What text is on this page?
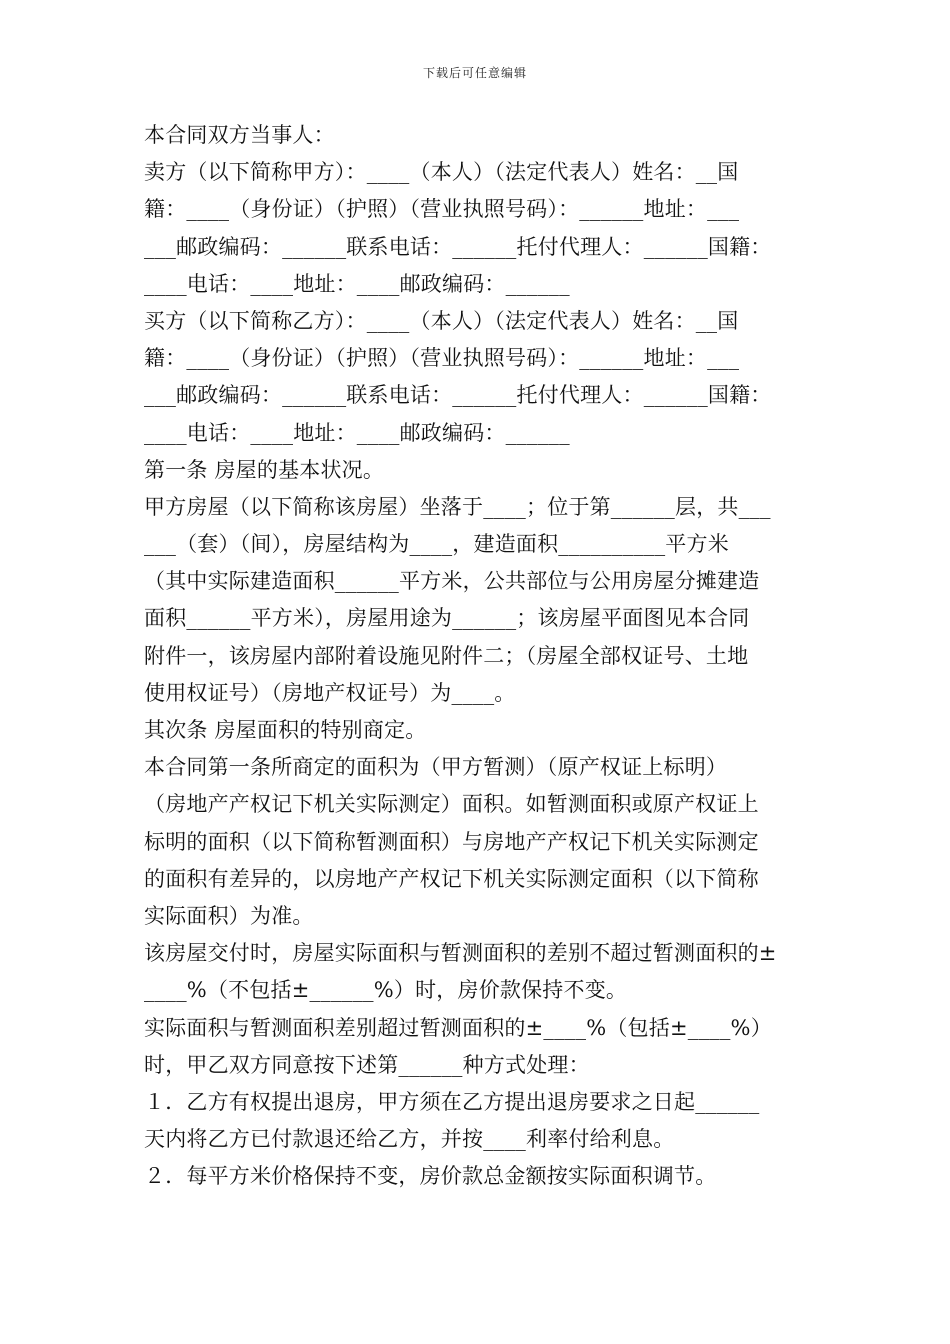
下载后可任意编辑
本合同双方当事人：
卖方（以下简称甲方）：____（本人）（法定代表人）姓名：__国
籍：____（身份证）（护照）（营业执照号码）：______地址：___
___邮政编码：______联系电话：______托付代理人：______国籍：
____电话：____地址：____邮政编码：______
买方（以下简称乙方）：____（本人）（法定代表人）姓名：__国
籍：____（身份证）（护照）（营业执照号码）：______地址：___
___邮政编码：______联系电话：______托付代理人：______国籍：
____电话：____地址：____邮政编码：______
第一条 房屋的基本状况。
甲方房屋（以下简称该房屋）坐落于____；位于第______层，共___
___（套）（间），房屋结构为____，建造面积__________平方米
（其中实际建造面积______平方米，公共部位与公用房屋分摊建造
面积______平方米），房屋用途为______；该房屋平面图见本合同
附件一，该房屋内部附着设施见附件二；（房屋全部权证号、土地
使用权证号）（房地产权证号）为____。
其次条 房屋面积的特别商定。
本合同第一条所商定的面积为（甲方暂测）（原产权证上标明）
（房地产产权记下机关实际测定）面积。如暂测面积或原产权证上
标明的面积（以下简称暂测面积）与房地产产权记下机关实际测定
的面积有差异的，以房地产产权记下机关实际测定面积（以下简称
实际面积）为准。
该房屋交付时，房屋实际面积与暂测面积的差别不超过暂测面积的±
____%（不包括±______%）时，房价款保持不变。
实际面积与暂测面积差别超过暂测面积的±____%（包括±____%）
时，甲乙双方同意按下述第______种方式处理：
１．乙方有权提出退房，甲方须在乙方提出退房要求之日起______
天内将乙方已付款退还给乙方，并按____利率付给利息。
２．每平方米价格保持不变，房价款总金额按实际面积调节。
